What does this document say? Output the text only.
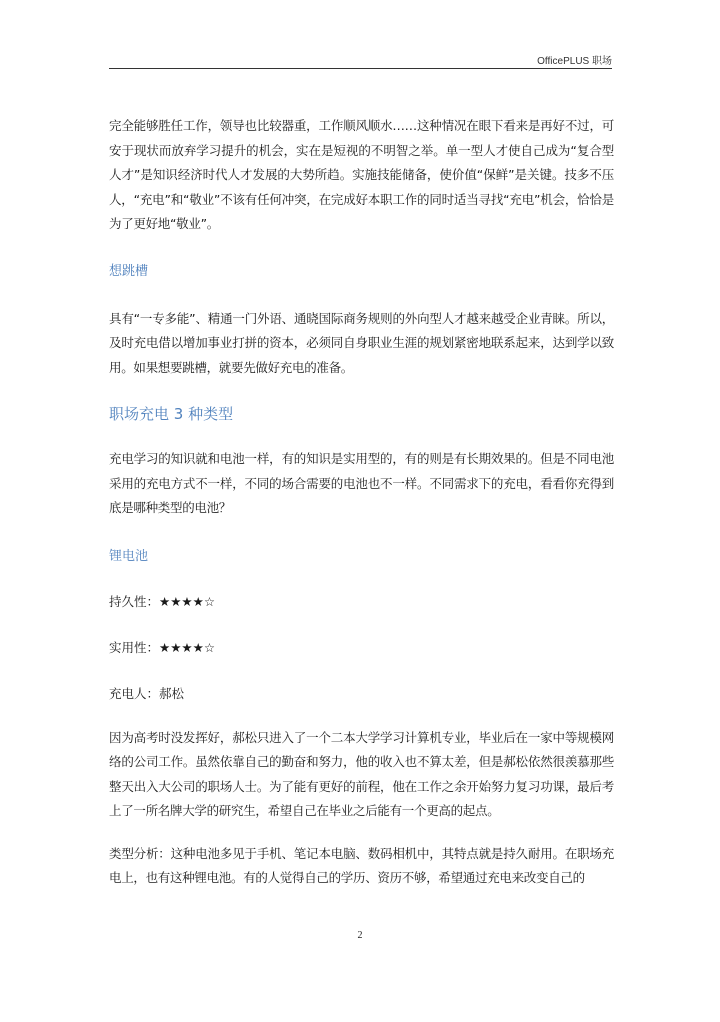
OfficePLUS 职场

完全能够胜任工作，领导也比较器重，工作顺风顺水……这种情况在眼下看来是再好不过，可安于现状而放弃学习提升的机会，实在是短视的不明智之举。单一型人才使自己成为“复合型人才”是知识经济时代人才发展的大势所趋。实施技能储备，使价值“保鲜”是关键。技多不压人，“充电”和“敬业”不该有任何冲突，在完成好本职工作的同时适当寻找“充电”机会，恰恰是为了更好地“敬业”。

想跳槽

具有“一专多能”、精通一门外语、通晓国际商务规则的外向型人才越来越受企业青睐。所以，及时充电借以增加事业打拼的资本，必须同自身职业生涯的规划紧密地联系起来，达到学以致用。如果想要跳槽，就要先做好充电的准备。

职场充电 3 种类型

充电学习的知识就和电池一样，有的知识是实用型的，有的则是有长期效果的。但是不同电池采用的充电方式不一样，不同的场合需要的电池也不一样。不同需求下的充电，看看你充得到底是哪种类型的电池？

锂电池
持久性：★★★★☆
实用性：★★★★☆
充电人：郝松

因为高考时没发挥好，郝松只进入了一个二本大学学习计算机专业，毕业后在一家中等规模网络的公司工作。虽然依靠自己的勤奋和努力，他的收入也不算太差，但是郝松依然很羡慕那些整天出入大公司的职场人士。为了能有更好的前程，他在工作之余开始努力复习功课，最后考上了一所名牌大学的研究生，希望自己在毕业之后能有一个更高的起点。

类型分析：这种电池多见于手机、笔记本电脑、数码相机中，其特点就是持久耐用。在职场充电上，也有这种锂电池。有的人觉得自己的学历、资历不够，希望通过充电来改变自己的

2
